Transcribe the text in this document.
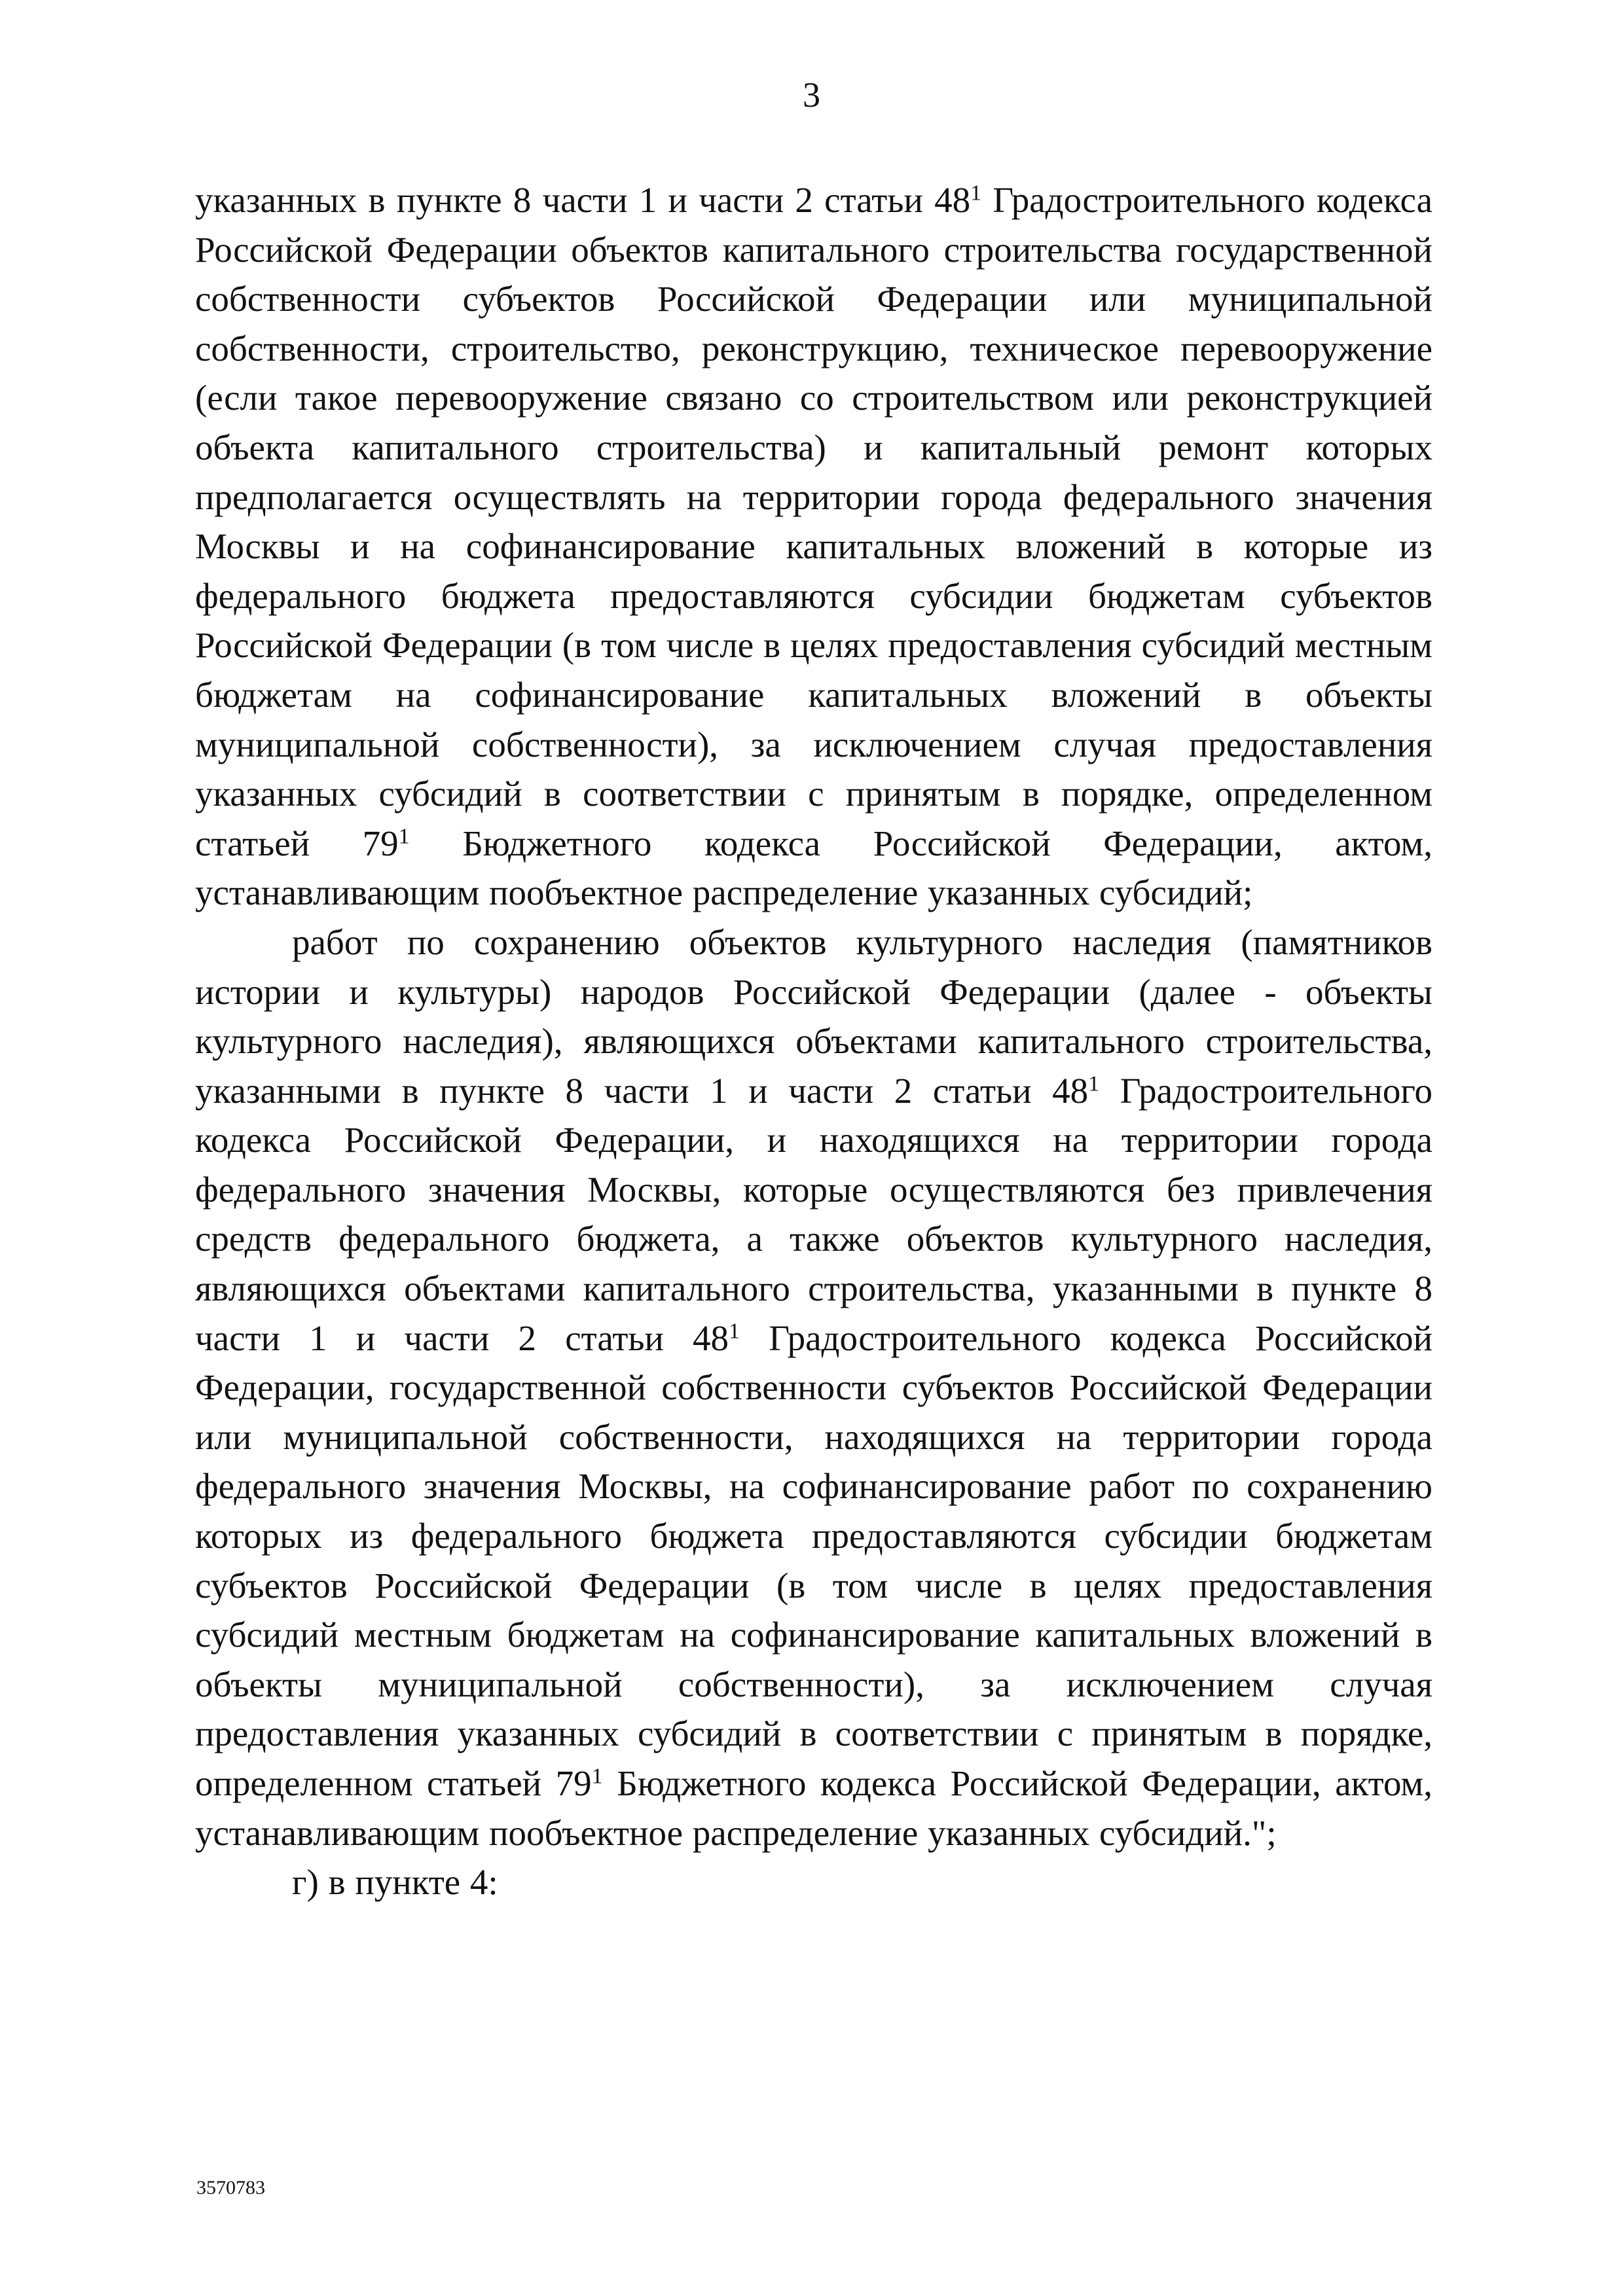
3

указанных в пункте 8 части 1 и части 2 статьи $48^1$ Градостроительного кодекса Российской Федерации объектов капитального строительства государственной собственности субъектов Российской Федерации или муниципальной собственности, строительство, реконструкцию, техническое перевооружение (если такое перевооружение связано со строительством или реконструкцией объекта капитального строительства) и капитальный ремонт которых предполагается осуществлять на территории города федерального значения Москвы и на софинансирование капитальных вложений в которые из федерального бюджета предоставляются субсидии бюджетам субъектов Российской Федерации (в том числе в целях предоставления субсидий местным бюджетам на софинансирование капитальных вложений в объекты муниципальной собственности), за исключением случая предоставления указанных субсидий в соответствии с принятым в порядке, определенном статьей $79^1$ Бюджетного кодекса Российской Федерации, актом, устанавливающим пообъектное распределение указанных субсидий;

работ по сохранению объектов культурного наследия (памятников истории и культуры) народов Российской Федерации (далее - объекты культурного наследия), являющихся объектами капитального строительства, указанными в пункте 8 части 1 и части 2 статьи $48^1$ Градостроительного кодекса Российской Федерации, и находящихся на территории города федерального значения Москвы, которые осуществляются без привлечения средств федерального бюджета, а также объектов культурного наследия, являющихся объектами капитального строительства, указанными в пункте 8 части 1 и части 2 статьи $48^1$ Градостроительного кодекса Российской Федерации, государственной собственности субъектов Российской Федерации или муниципальной собственности, находящихся на территории города федерального значения Москвы, на софинансирование работ по сохранению которых из федерального бюджета предоставляются субсидии бюджетам субъектов Российской Федерации (в том числе в целях предоставления субсидий местным бюджетам на софинансирование капитальных вложений в объекты муниципальной собственности), за исключением случая предоставления указанных субсидий в соответствии с принятым в порядке, определенном статьей $79^1$ Бюджетного кодекса Российской Федерации, актом, устанавливающим пообъектное распределение указанных субсидий.";

г) в пункте 4:

3570783
